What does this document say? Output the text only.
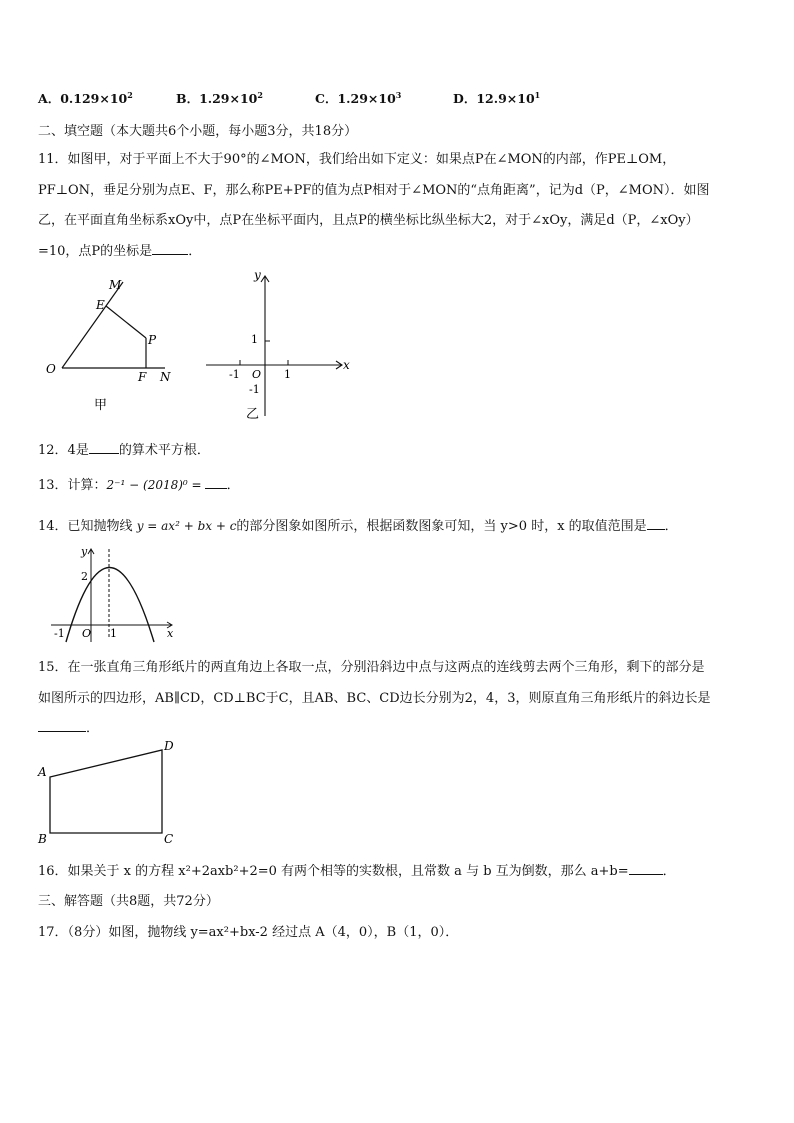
A．$0.129\times 10^2$	B．$1.29\times 10^2$	C．$1.29\times 10^3$	D．$12.9\times 10^1$
二、填空题（本大题共6个小题，每小题3分，共18分）
11．如图甲，对于平面上不大于90°的∠MON，我们给出如下定义：如果点P在∠MON的内部，作PE⊥OM，
PF⊥ON，垂足分别为点E、F，那么称PE+PF的值为点P相对于∠MON的“点角距离”，记为d（P，∠MON）．如图
乙，在平面直角坐标系xOy中，点P在坐标平面内，且点P的横坐标比纵坐标大2，对于∠xOy，满足d（P，∠xOy）
=10，点P的坐标是	．
M
E
P
O
F N
甲
y
x
1
-1 O 1
-1
乙
12．4是 的算术平方根．
13．计算：2⁻¹ − (2018)⁰ = ．
14．已知抛物线 y = ax² + bx + c的部分图象如图所示，根据函数图象可知，当 y>0 时，x 的取值范围是 ．
y
x
2
-1 O 1
15．在一张直角三角形纸片的两直角边上各取一点，分别沿斜边中点与这两点的连线剪去两个三角形，剩下的部分是
如图所示的四边形，AB∥CD，CD⊥BC于C，且AB、BC、CD边长分别为2，4，3，则原直角三角形纸片的斜边长是
．
A
D
B	C
16．如果关于 x 的方程 x²+2axb²+2=0 有两个相等的实数根，且常数 a 与 b 互为倒数，那么 a+b=	．
三、解答题（共8题，共72分）
17．（8分）如图，抛物线 y=ax²+bx-2 经过点 A（4，0），B（1，0）．
